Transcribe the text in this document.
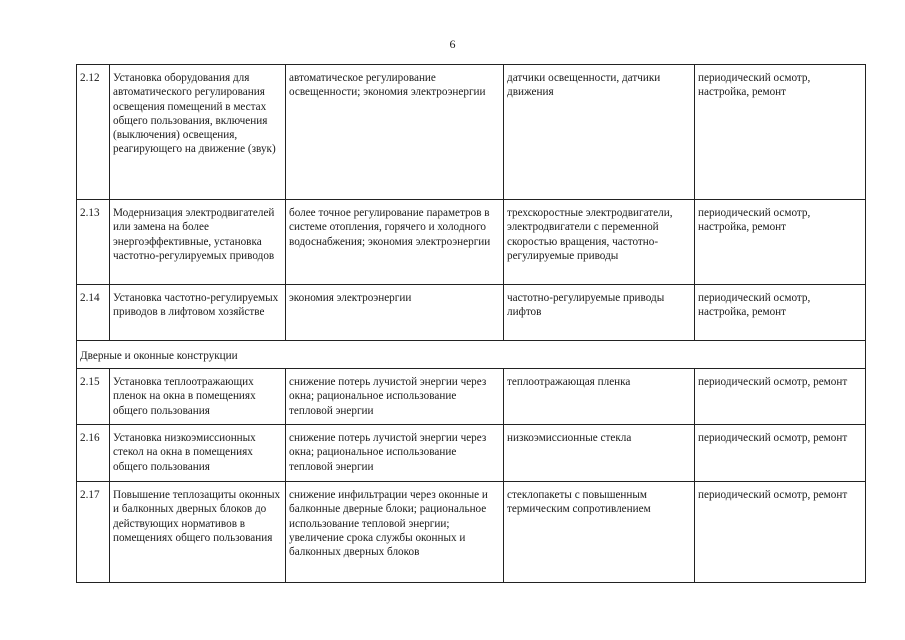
6
2.12	Установка оборудования для автоматического регулирования освещения помещений в местах общего пользования, включения (выключения) освещения, реагирующего на движение (звук)	автоматическое регулирование освещенности; экономия электроэнергии	датчики освещенности, датчики движения	периодический осмотр, настройка, ремонт
2.13	Модернизация электродвигателей или замена на более энергоэффективные, установка частотно-регулируемых приводов	более точное регулирование параметров в системе отопления, горячего и холодного водоснабжения; экономия электроэнергии	трехскоростные электродвигатели, электродвигатели с переменной скоростью вращения, частотно-регулируемые приводы	периодический осмотр, настройка, ремонт
2.14	Установка частотно-регулируемых приводов в лифтовом хозяйстве	экономия электроэнергии	частотно-регулируемые приводы лифтов	периодический осмотр, настройка, ремонт
Дверные и оконные конструкции				
2.15	Установка теплоотражающих пленок на окна в помещениях общего пользования	снижение потерь лучистой энергии через окна; рациональное использование тепловой энергии	теплоотражающая пленка	периодический осмотр, ремонт
2.16	Установка низкоэмиссионных стекол на окна в помещениях общего пользования	снижение потерь лучистой энергии через окна; рациональное использование тепловой энергии	низкоэмиссионные стекла	периодический осмотр, ремонт
2.17	Повышение теплозащиты оконных и балконных дверных блоков до действующих нормативов в помещениях общего пользования	снижение инфильтрации через оконные и балконные дверные блоки; рациональное использование тепловой энергии; увеличение срока службы оконных и балконных дверных блоков	стеклопакеты с повышенным термическим сопротивлением	периодический осмотр, ремонт
